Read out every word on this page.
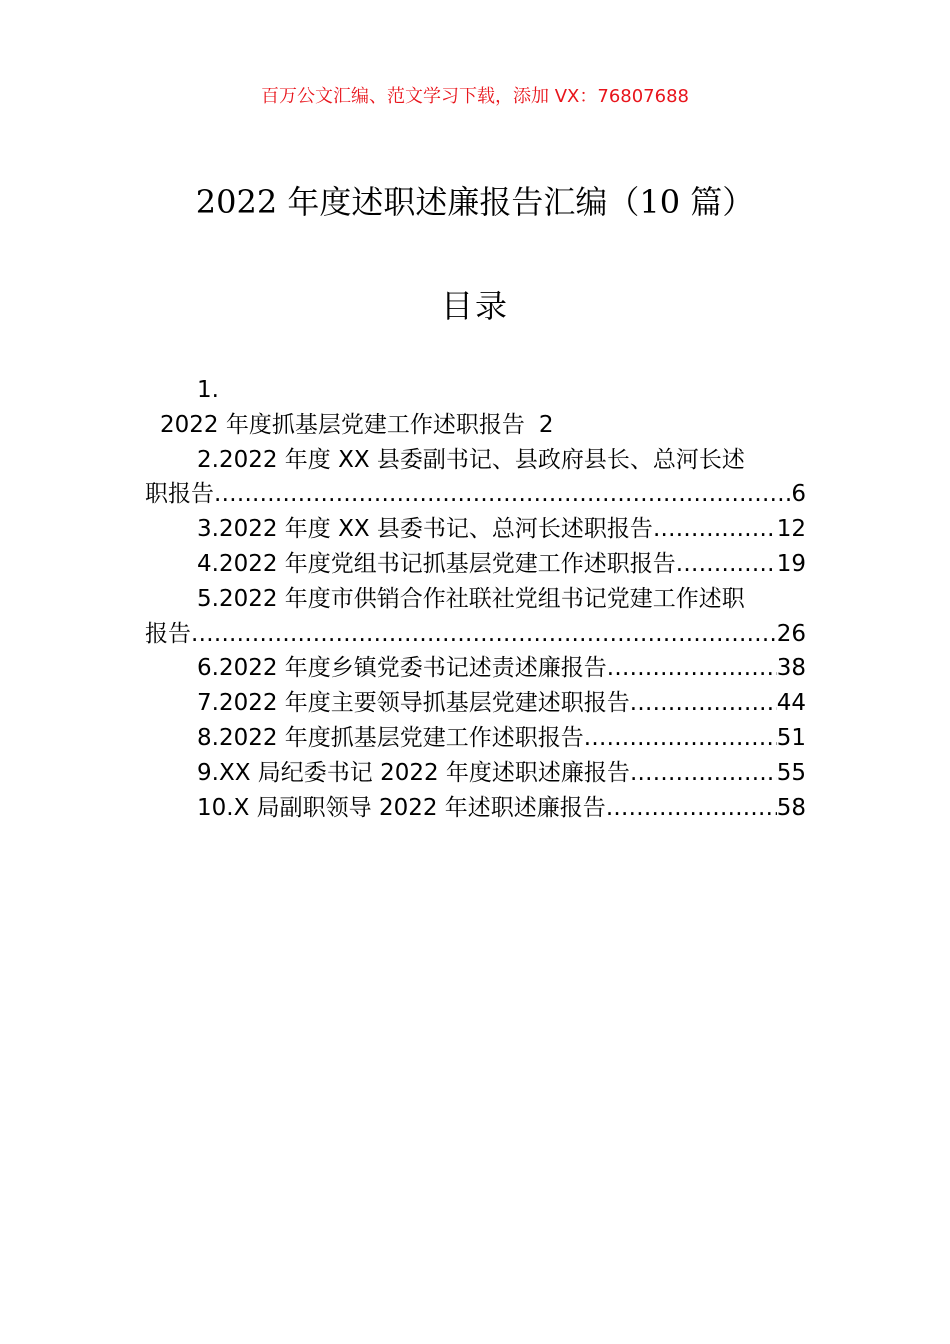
百万公文汇编、范文学习下载，添加 VX：76807688
2022 年度述职述廉报告汇编（10 篇）
目录
1.
2022 年度抓基层党建工作述职报告 2
2.2022 年度 XX 县委副书记、县政府县长、总河长述
职报告 .....	6
3.2022 年度 XX 县委书记、总河长述职报告 .....	12
4.2022 年度党组书记抓基层党建工作述职报告 .....	19
5.2022 年度市供销合作社联社党组书记党建工作述职
报告 .....	26
6.2022 年度乡镇党委书记述责述廉报告 .....	38
7.2022 年度主要领导抓基层党建述职报告 .....	44
8.2022 年度抓基层党建工作述职报告 .....	51
9.XX 局纪委书记 2022 年度述职述廉报告 .....	55
10.X 局副职领导 2022 年述职述廉报告 .....	58
